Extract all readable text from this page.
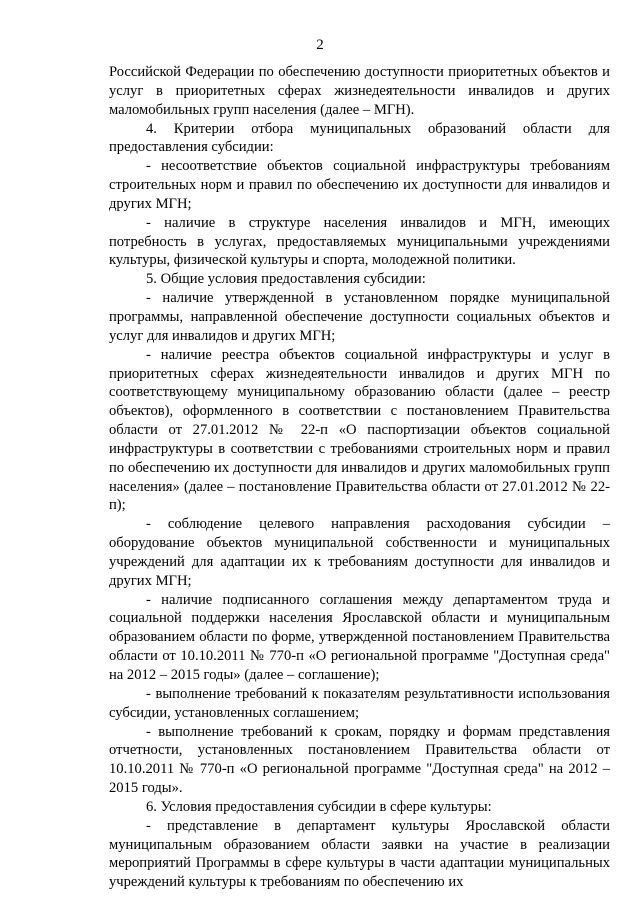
2

Российской Федерации по обеспечению доступности приоритетных объектов и услуг в приоритетных сферах жизнедеятельности инвалидов и других маломобильных групп населения (далее – МГН).

4. Критерии отбора муниципальных образований области для предоставления субсидии:

- несоответствие объектов социальной инфраструктуры требованиям строительных норм и правил по обеспечению их доступности для инвалидов и других МГН;

- наличие в структуре населения инвалидов и МГН, имеющих потребность в услугах, предоставляемых муниципальными учреждениями культуры, физической культуры и спорта, молодежной политики.

5. Общие условия предоставления субсидии:

- наличие утвержденной в установленном порядке муниципальной программы, направленной обеспечение доступности социальных объектов и услуг для инвалидов и других МГН;

- наличие реестра объектов социальной инфраструктуры и услуг в приоритетных сферах жизнедеятельности инвалидов и других МГН по соответствующему муниципальному образованию области (далее – реестр объектов), оформленного в соответствии с постановлением Правительства области от 27.01.2012 № 22-п «О паспортизации объектов социальной инфраструктуры в соответствии с требованиями строительных норм и правил по обеспечению их доступности для инвалидов и других маломобильных групп населения» (далее – постановление Правительства области от 27.01.2012 № 22-п);

- соблюдение целевого направления расходования субсидии – оборудование объектов муниципальной собственности и муниципальных учреждений для адаптации их к требованиям доступности для инвалидов и других МГН;

- наличие подписанного соглашения между департаментом труда и социальной поддержки населения Ярославской области и муниципальным образованием области по форме, утвержденной постановлением Правительства области от 10.10.2011 № 770-п «О региональной программе "Доступная среда" на 2012 – 2015 годы» (далее – соглашение);

- выполнение требований к показателям результативности использования субсидии, установленных соглашением;

- выполнение требований к срокам, порядку и формам представления отчетности, установленных постановлением Правительства области от 10.10.2011 № 770-п «О региональной программе "Доступная среда" на 2012 – 2015 годы».

6. Условия предоставления субсидии в сфере культуры:

- представление в департамент культуры Ярославской области муниципальным образованием области заявки на участие в реализации мероприятий Программы в сфере культуры в части адаптации муниципальных учреждений культуры к требованиям по обеспечению их
